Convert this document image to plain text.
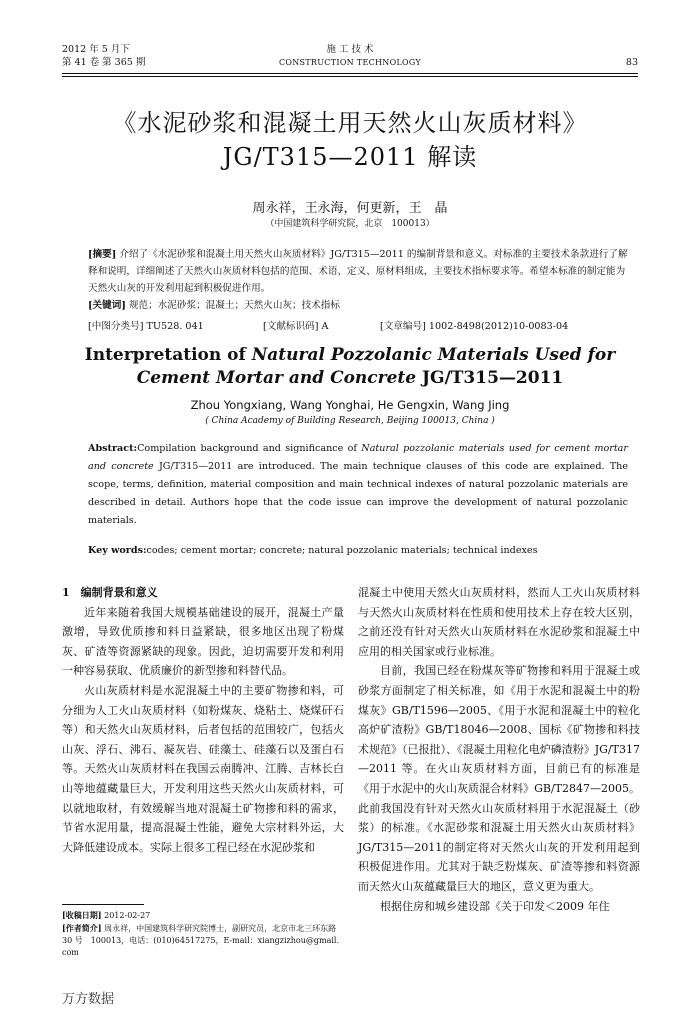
2012 年 5 月下
第 41 卷 第 365 期
施 工 技 术
CONSTRUCTION TECHNOLOGY	83
《水泥砂浆和混凝土用天然火山灰质材料》
JG/T315—2011 解读
周永祥，王永海，何更新，王　晶
（中国建筑科学研究院，北京　100013）
[摘要] 介绍了《水泥砂浆和混凝土用天然火山灰质材料》JG/T315—2011 的编制背景和意义。对标准的主要技术条款进行了解释和说明，详细阐述了天然火山灰质材料包括的范围、术语、定义、原材料组成，主要技术指标要求等。希望本标准的制定能为天然火山灰的开发利用起到积极促进作用。
[关键词] 规范；水泥砂浆；混凝土；天然火山灰；技术指标
[中图分类号] TU528. 041	[文献标识码] A	[文章编号] 1002-8498(2012)10-0083-04
Interpretation of Natural Pozzolanic Materials Used for
Cement Mortar and Concrete JG/T315—2011
Zhou Yongxiang, Wang Yonghai, He Gengxin, Wang Jing
( China Academy of Building Research, Beijing 100013, China )
Abstract:Compilation background and significance of Natural pozzolanic materials used for cement mortar and concrete JG/T315—2011 are introduced. The main technique clauses of this code are explained. The scope, terms, definition, material composition and main technical indexes of natural pozzolanic materials are described in detail. Authors hope that the code issue can improve the development of natural pozzolanic materials.
Key words:codes; cement mortar; concrete; natural pozzolanic materials; technical indexes
1　编制背景和意义

近年来随着我国大规模基础建设的展开，混凝土产量激增，导致优质掺和料日益紧缺，很多地区出现了粉煤灰、矿渣等资源紧缺的现象。因此，迫切需要开发和利用一种容易获取、优质廉价的新型掺和料替代品。

火山灰质材料是水泥混凝土中的主要矿物掺和料，可分细为人工火山灰质材料（如粉煤灰、烧粘土、烧煤矸石等）和天然火山灰质材料，后者包括的范围较广，包括火山灰、浮石、沸石、凝灰岩、硅藻土、硅藻石以及蛋白石等。天然火山灰质材料在我国云南腾冲、江腾、吉林长白山等地蕴藏量巨大，开发利用这些天然火山灰质材料，可以就地取材，有效缓解当地对混凝土矿物掺和料的需求，节省水泥用量，提高混凝土性能，避免大宗材料外运，大大降低建设成本。实际上很多工程已经在水泥砂浆和

混凝土中使用天然火山灰质材料，然而人工火山灰质材料与天然火山灰质材料在性质和使用技术上存在较大区别，之前还没有针对天然火山灰质材料在水泥砂浆和混凝土中应用的相关国家或行业标准。

目前，我国已经在粉煤灰等矿物掺和料用于混凝土或砂浆方面制定了相关标准，如《用于水泥和混凝土中的粉煤灰》GB/T1596—2005、《用于水泥和混凝土中的粒化高炉矿渣粉》GB/T18046—2008、国标《矿物掺和料技术规范》（已报批）、《混凝土用粒化电炉磷渣粉》JG/T317—2011 等。在火山灰质材料方面，目前已有的标准是《用于水泥中的火山灰质混合材料》GB/T2847—2005。此前我国没有针对天然火山灰质材料用于水泥混凝土（砂浆）的标准。《水泥砂浆和混凝土用天然火山灰质材料》JG/T315—2011的制定将对天然火山灰的开发利用起到积极促进作用。尤其对于缺乏粉煤灰、矿渣等掺和料资源而天然火山灰蕴藏量巨大的地区，意义更为重大。

根据住房和城乡建设部《关于印发＜2009 年住

[收稿日期] 2012-02-27
[作者简介] 周永祥，中国建筑科学研究院博士，副研究员，北京市北三环东路 30 号　100013，电话：(010)64517275，E-mail：xiangzizhou@gmail. com
万方数据
